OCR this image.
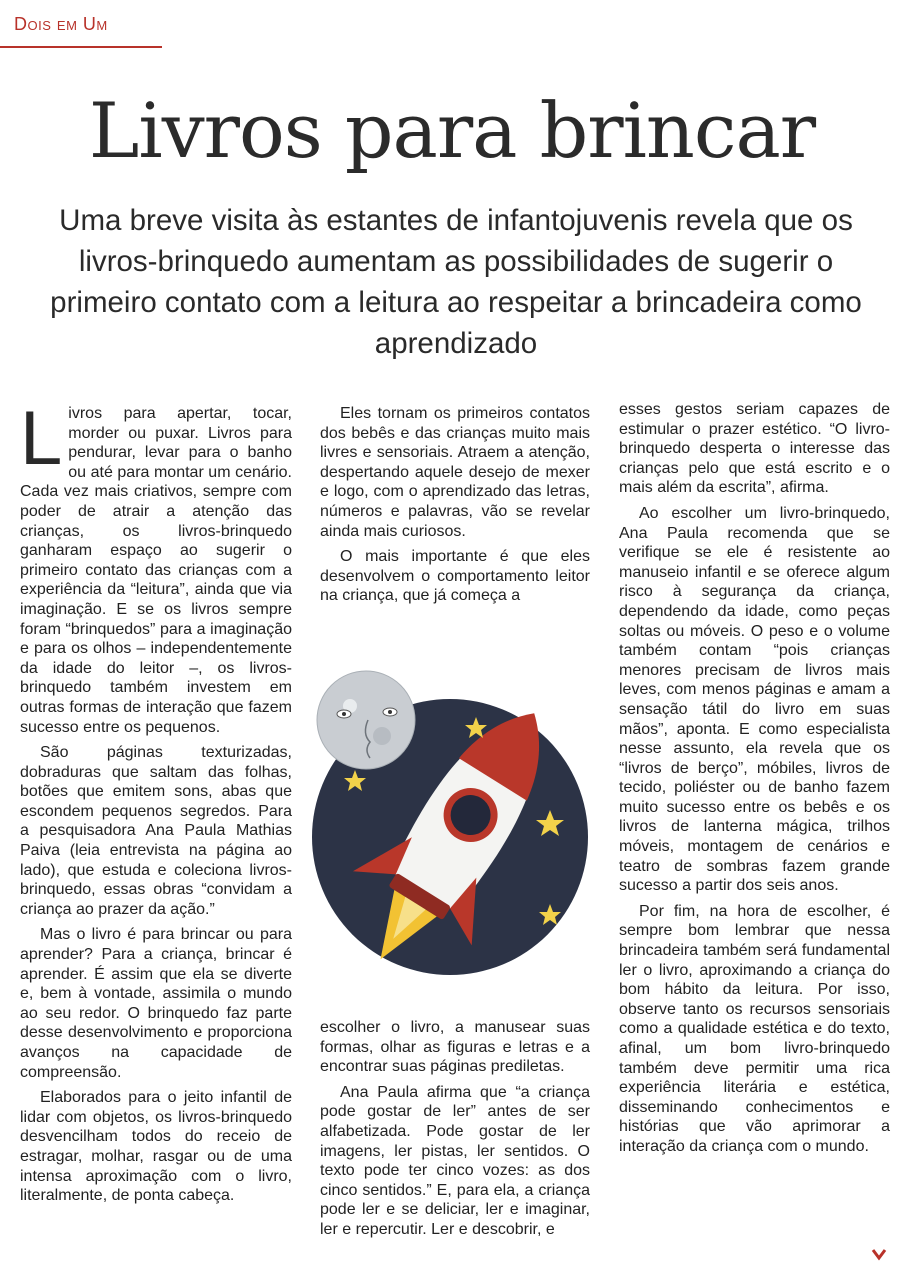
Dois em Um
Livros para brincar
Uma breve visita às estantes de infantojuvenis revela que os livros-brinquedo aumentam as possibilidades de sugerir o primeiro contato com a leitura ao respeitar a brincadeira como aprendizado

Livros para apertar, tocar, morder ou puxar. Livros para pendurar, levar para o banho ou até para montar um cenário. Cada vez mais criativos, sempre com poder de atrair a atenção das crianças, os livros-brinquedo ganharam espaço ao sugerir o primeiro contato das crianças com a experiência da “leitura”, ainda que via imaginação. E se os livros sempre foram “brinquedos” para a imaginação e para os olhos – independentemente da idade do leitor –, os livros-brinquedo também investem em outras formas de interação que fazem sucesso entre os pequenos.

São páginas texturizadas, dobraduras que saltam das folhas, botões que emitem sons, abas que escondem pequenos segredos. Para a pesquisadora Ana Paula Mathias Paiva (leia entrevista na página ao lado), que estuda e coleciona livros-brinquedo, essas obras “convidam a criança ao prazer da ação.”

Mas o livro é para brincar ou para aprender? Para a criança, brincar é aprender. É assim que ela se diverte e, bem à vontade, assimila o mundo ao seu redor. O brinquedo faz parte desse desenvolvimento e proporciona avanços na capacidade de compreensão.

Elaborados para o jeito infantil de lidar com objetos, os livros-brinquedo desvencilham todos do receio de estragar, molhar, rasgar ou de uma intensa aproximação com o livro, literalmente, de ponta cabeça.

Eles tornam os primeiros contatos dos bebês e das crianças muito mais livres e sensoriais. Atraem a atenção, despertando aquele desejo de mexer e logo, com o aprendizado das letras, números e palavras, vão se revelar ainda mais curiosos.

O mais importante é que eles desenvolvem o comportamento leitor na criança, que já começa a

escolher o livro, a manusear suas formas, olhar as figuras e letras e a encontrar suas páginas prediletas.

Ana Paula afirma que “a criança pode gostar de ler” antes de ser alfabetizada. Pode gostar de ler imagens, ler pistas, ler sentidos. O texto pode ter cinco vozes: as dos cinco sentidos.” E, para ela, a criança pode ler e se deliciar, ler e imaginar, ler e repercutir. Ler e descobrir, e

esses gestos seriam capazes de estimular o prazer estético. “O livro-brinquedo desperta o interesse das crianças pelo que está escrito e o mais além da escrita”, afirma.

Ao escolher um livro-brinquedo, Ana Paula recomenda que se verifique se ele é resistente ao manuseio infantil e se oferece algum risco à segurança da criança, dependendo da idade, como peças soltas ou móveis. O peso e o volume também contam “pois crianças menores precisam de livros mais leves, com menos páginas e amam a sensação tátil do livro em suas mãos”, aponta. E como especialista nesse assunto, ela revela que os “livros de berço”, móbiles, livros de tecido, poliéster ou de banho fazem muito sucesso entre os bebês e os livros de lanterna mágica, trilhos móveis, montagem de cenários e teatro de sombras fazem grande sucesso a partir dos seis anos.

Por fim, na hora de escolher, é sempre bom lembrar que nessa brincadeira também será fundamental ler o livro, aproximando a criança do bom hábito da leitura. Por isso, observe tanto os recursos sensoriais como a qualidade estética e do texto, afinal, um bom livro-brinquedo também deve permitir uma rica experiência literária e estética, disseminando conhecimentos e histórias que vão aprimorar a interação da criança com o mundo.
